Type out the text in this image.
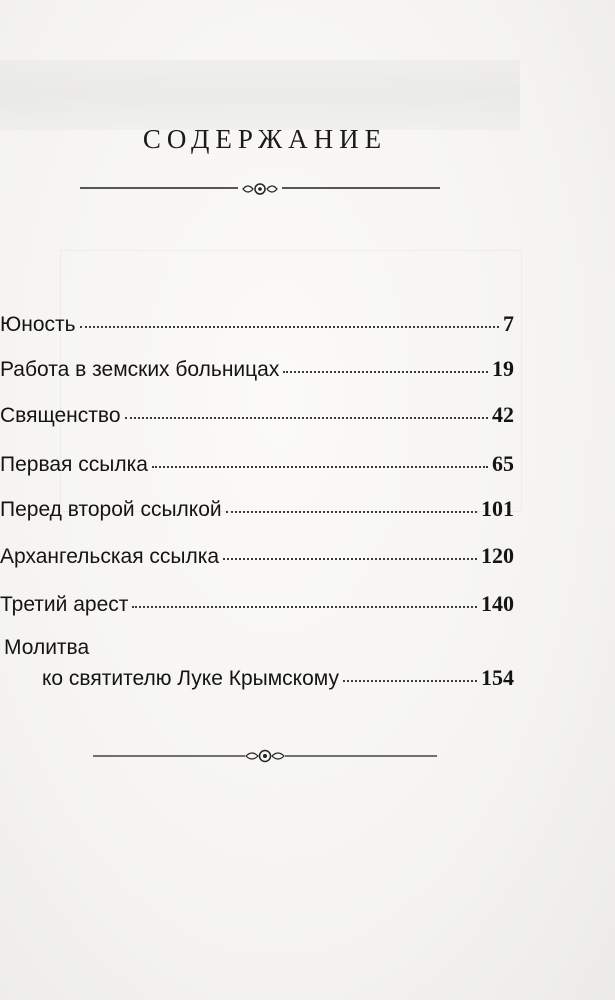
СОДЕРЖАНИЕ
Юность	7
Работа в земских больницах	19
Священство	42
Первая ссылка	65
Перед второй ссылкой	101
Архангельская ссылка	120
Третий арест	140
Молитва
ко святителю Луке Крымскому	154
